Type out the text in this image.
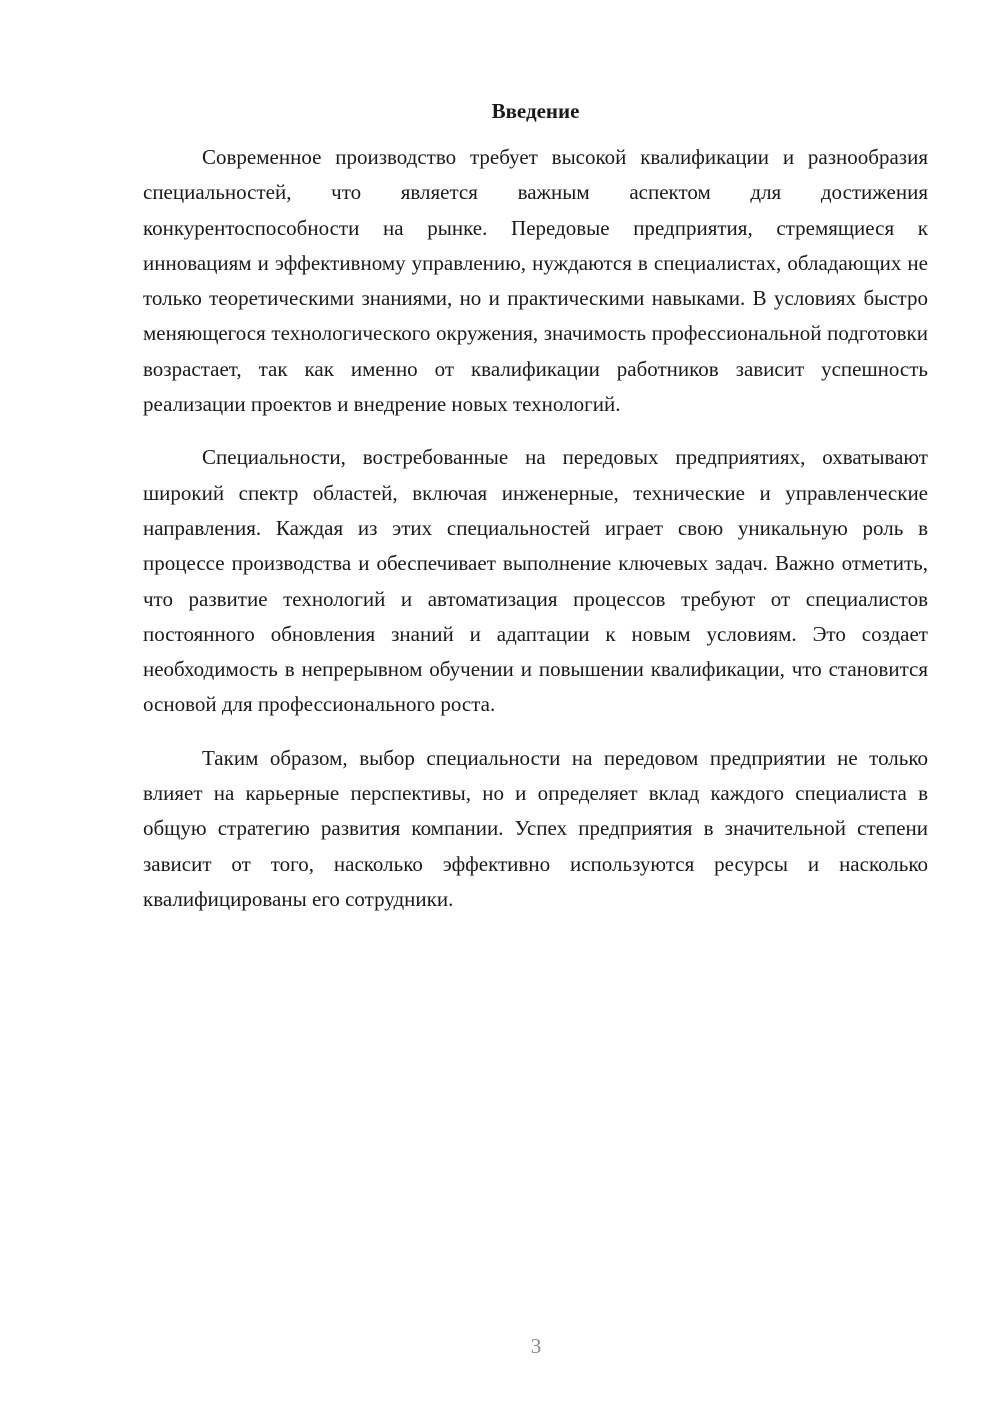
Введение

Современное производство требует высокой квалификации и разнообразия специальностей, что является важным аспектом для достижения конкурентоспособности на рынке. Передовые предприятия, стремящиеся к инновациям и эффективному управлению, нуждаются в специалистах, обладающих не только теоретическими знаниями, но и практическими навыками. В условиях быстро меняющегося технологического окружения, значимость профессиональной подготовки возрастает, так как именно от квалификации работников зависит успешность реализации проектов и внедрение новых технологий.

Специальности, востребованные на передовых предприятиях, охватывают широкий спектр областей, включая инженерные, технические и управленческие направления. Каждая из этих специальностей играет свою уникальную роль в процессе производства и обеспечивает выполнение ключевых задач. Важно отметить, что развитие технологий и автоматизация процессов требуют от специалистов постоянного обновления знаний и адаптации к новым условиям. Это создает необходимость в непрерывном обучении и повышении квалификации, что становится основой для профессионального роста.

Таким образом, выбор специальности на передовом предприятии не только влияет на карьерные перспективы, но и определяет вклад каждого специалиста в общую стратегию развития компании. Успех предприятия в значительной степени зависит от того, насколько эффективно используются ресурсы и насколько квалифицированы его сотрудники.

3
